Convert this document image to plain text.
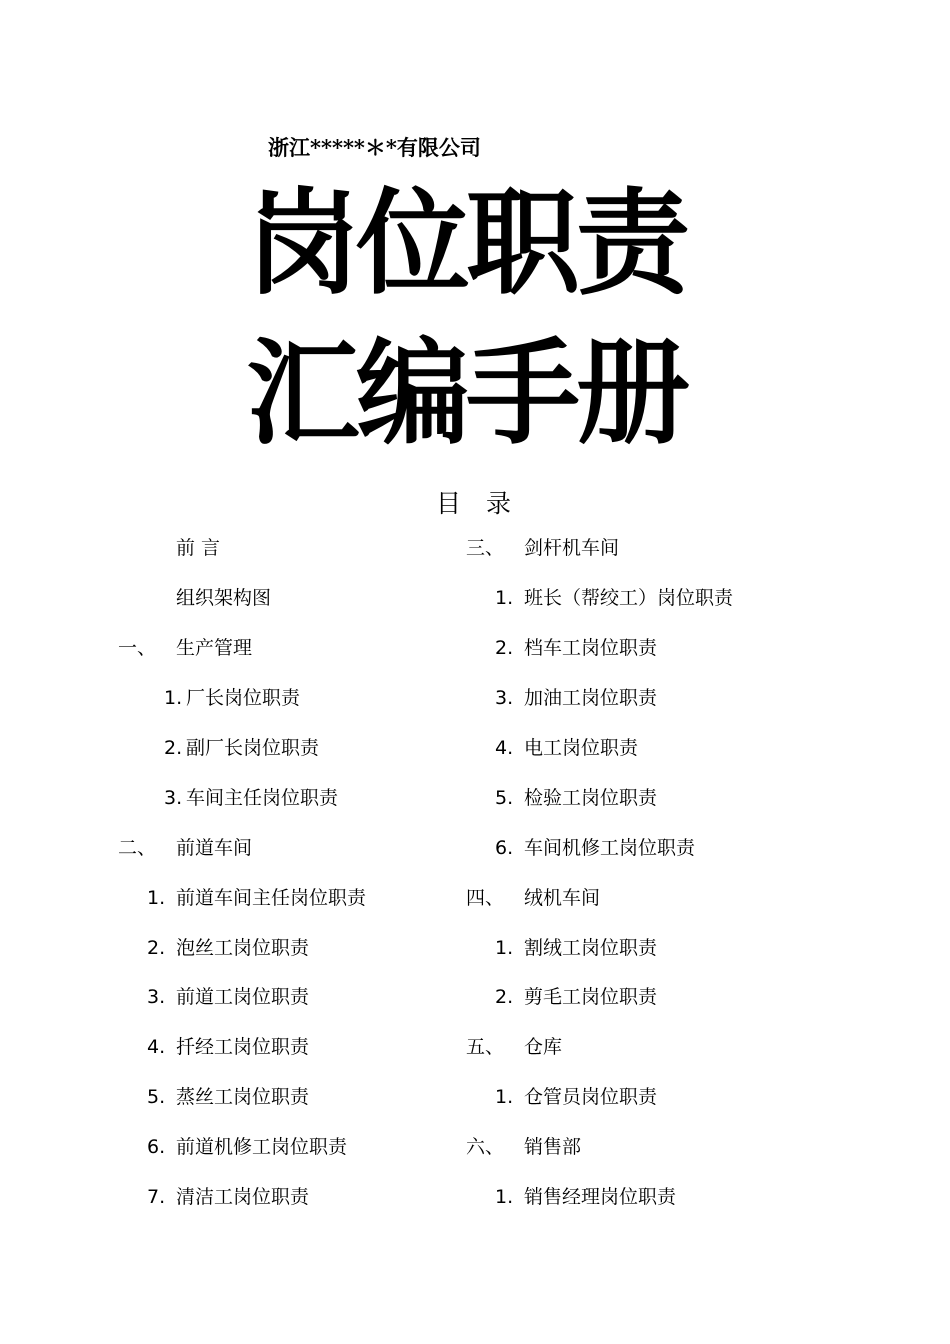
浙江*****＊*有限公司
岗位职责
汇编手册
目　录
前 言
组织架构图
一、 生产管理
1. 厂长岗位职责
2. 副厂长岗位职责
3. 车间主任岗位职责
二、 前道车间
1. 前道车间主任岗位职责
2. 泡丝工岗位职责
3. 前道工岗位职责
4. 扦经工岗位职责
5. 蒸丝工岗位职责
6. 前道机修工岗位职责
7. 清洁工岗位职责
三、 剑杆机车间
1. 班长（帮绞工）岗位职责
2. 档车工岗位职责
3. 加油工岗位职责
4. 电工岗位职责
5. 检验工岗位职责
6. 车间机修工岗位职责
四、 绒机车间
1. 割绒工岗位职责
2. 剪毛工岗位职责
五、 仓库
1. 仓管员岗位职责
六、 销售部
1. 销售经理岗位职责
